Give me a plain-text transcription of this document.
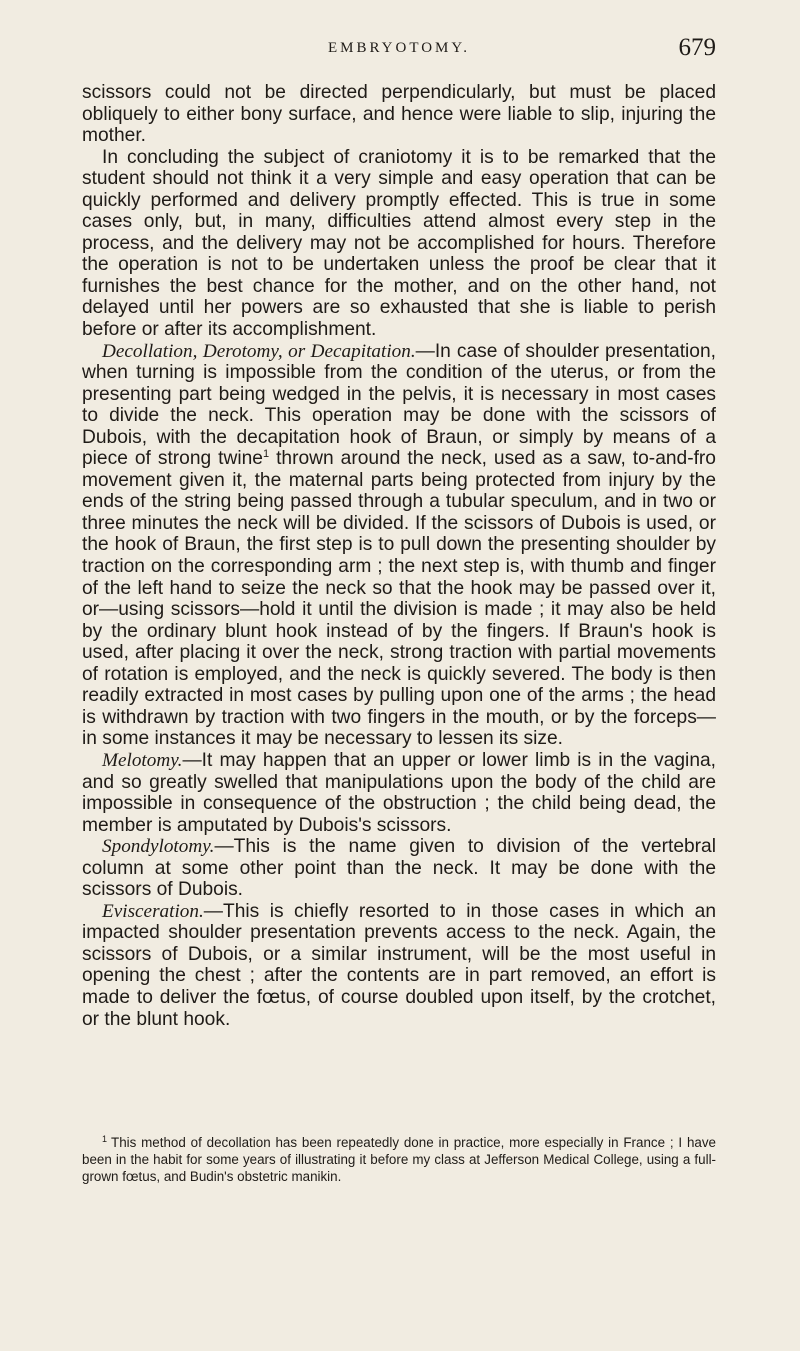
EMBRYOTOMY.	679

scissors could not be directed perpendicularly, but must be placed obliquely to either bony surface, and hence were liable to slip, injuring the mother.

In concluding the subject of craniotomy it is to be remarked that the student should not think it a very simple and easy operation that can be quickly performed and delivery promptly effected. This is true in some cases only, but, in many, difficulties attend almost every step in the process, and the delivery may not be accomplished for hours. Therefore the operation is not to be undertaken unless the proof be clear that it furnishes the best chance for the mother, and on the other hand, not delayed until her powers are so exhausted that she is liable to perish before or after its accomplishment.

Decollation, Derotomy, or Decapitation.—In case of shoulder presentation, when turning is impossible from the condition of the uterus, or from the presenting part being wedged in the pelvis, it is necessary in most cases to divide the neck. This operation may be done with the scissors of Dubois, with the decapitation hook of Braun, or simply by means of a piece of strong twine$^1$ thrown around the neck, used as a saw, to-and-fro movement given it, the maternal parts being protected from injury by the ends of the string being passed through a tubular speculum, and in two or three minutes the neck will be divided. If the scissors of Dubois is used, or the hook of Braun, the first step is to pull down the presenting shoulder by traction on the corresponding arm ; the next step is, with thumb and finger of the left hand to seize the neck so that the hook may be passed over it, or—using scissors—hold it until the division is made ; it may also be held by the ordinary blunt hook instead of by the fingers. If Braun's hook is used, after placing it over the neck, strong traction with partial movements of rotation is employed, and the neck is quickly severed. The body is then readily extracted in most cases by pulling upon one of the arms ; the head is withdrawn by traction with two fingers in the mouth, or by the forceps—in some instances it may be necessary to lessen its size.

Melotomy.—It may happen that an upper or lower limb is in the vagina, and so greatly swelled that manipulations upon the body of the child are impossible in consequence of the obstruction ; the child being dead, the member is amputated by Dubois's scissors.

Spondylotomy.—This is the name given to division of the vertebral column at some other point than the neck. It may be done with the scissors of Dubois.

Evisceration.—This is chiefly resorted to in those cases in which an impacted shoulder presentation prevents access to the neck. Again, the scissors of Dubois, or a similar instrument, will be the most useful in opening the chest ; after the contents are in part removed, an effort is made to deliver the fœtus, of course doubled upon itself, by the crotchet, or the blunt hook.

$^1$ This method of decollation has been repeatedly done in practice, more especially in France ; I have been in the habit for some years of illustrating it before my class at Jefferson Medical College, using a full-grown fœtus, and Budin's obstetric manikin.
